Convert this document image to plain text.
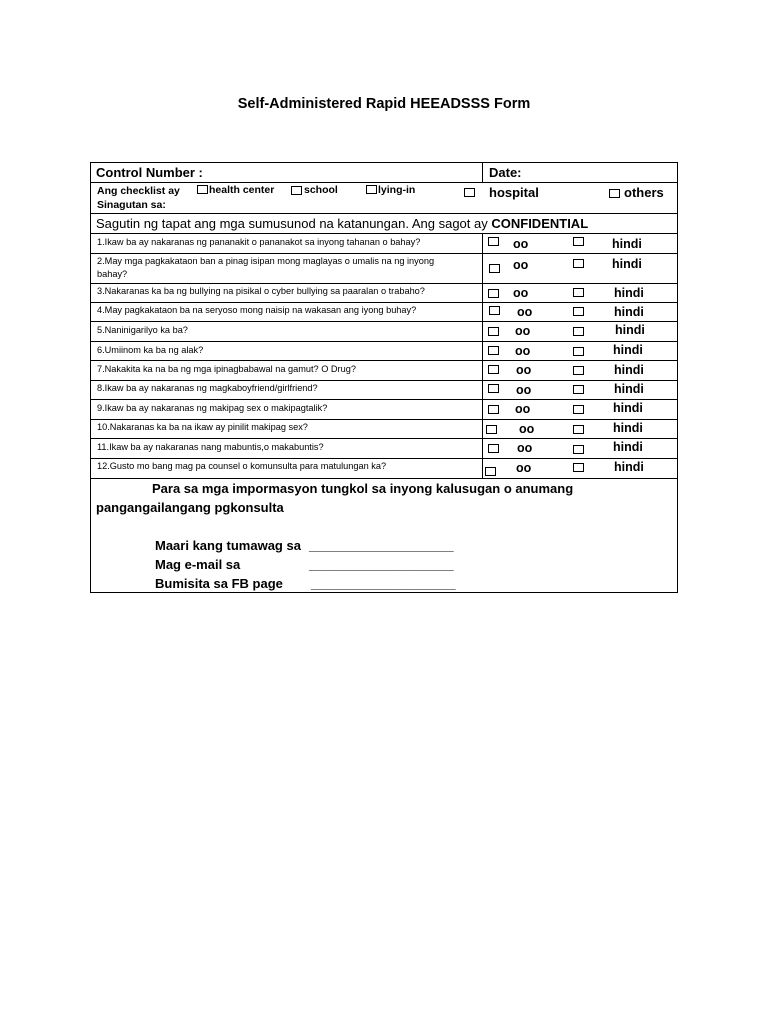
Self-Administered Rapid HEEADSSS Form
Control Number :	Date:
Ang checklist ay
Sinagutan sa:
health center	school	lying-in	hospital	others
Sagutin ng tapat ang mga sumusunod na katanungan. Ang sagot ay CONFIDENTIAL
1.Ikaw ba ay nakaranas ng pananakit o pananakot sa inyong tahanan o bahay?	oo	hindi
2.May mga pagkakataon ban a pinag isipan mong maglayas o umalis na ng inyong
bahay?
oo	hindi
3.Nakaranas ka ba ng bullying na pisikal o cyber bullying sa paaralan o trabaho?	oo	hindi
4.May pagkakataon ba na seryoso mong naisip na wakasan ang iyong buhay?	oo	hindi
5.Naninigarilyo ka ba?	oo	hindi
6.Umiinom ka ba ng alak?	oo	hindi
7.Nakakita ka na ba ng mga ipinagbabawal na gamut? O Drug?	oo	hindi
8.Ikaw ba ay nakaranas ng magkaboyfriend/girlfriend?	oo	hindi
9.Ikaw ba ay nakaranas ng makipag sex o makipagtalik?	oo	hindi
10.Nakaranas ka ba na ikaw ay pinilit makipag sex?	oo	hindi
11.Ikaw ba ay nakaranas nang mabuntis,o makabuntis?	oo	hindi
12.Gusto mo bang mag pa counsel o komunsulta para matulungan ka?	oo	hindi
Para sa mga impormasyon tungkol sa inyong kalusugan o anumang
pangangailangang pgkonsulta
Maari kang tumawag sa ____________________
Mag e-mail sa	____________________
Bumisita sa FB page ____________________
